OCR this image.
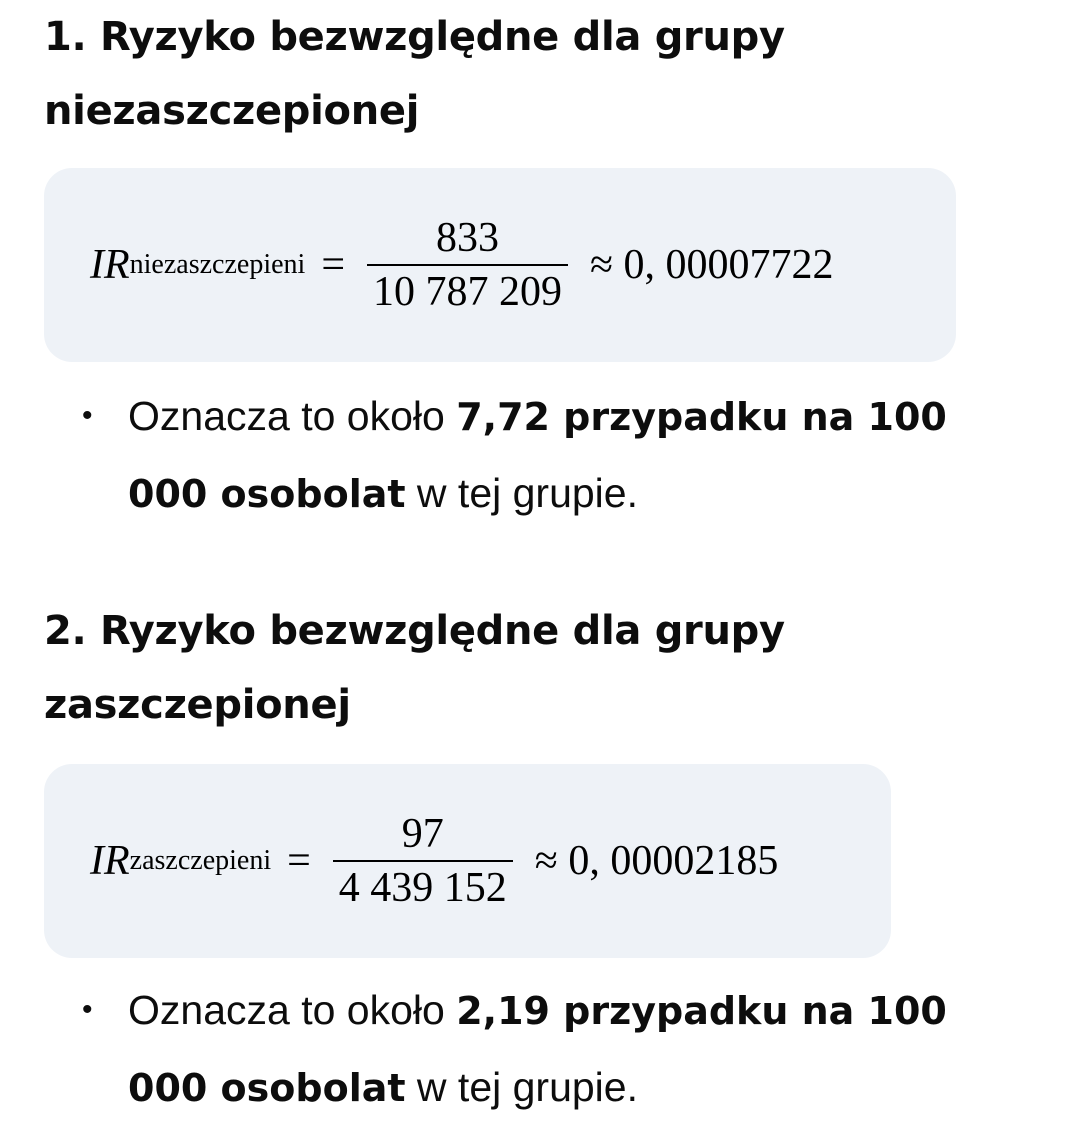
1. Ryzyko bezwzględne dla grupy
niezaszczepionej
IR niezaszczepieni = $\frac{833}{10 787 209} \approx 0$, 00007722
• Oznacza to około 7,72 przypadku na 100 000 osobolat w tej grupie.
2. Ryzyko bezwzględne dla grupy
zaszczepionej
IR zaszczepieni = $\frac{97}{4 439 152} \approx 0$, 00002185
• Oznacza to około 2,19 przypadku na 100 000 osobolat w tej grupie.
